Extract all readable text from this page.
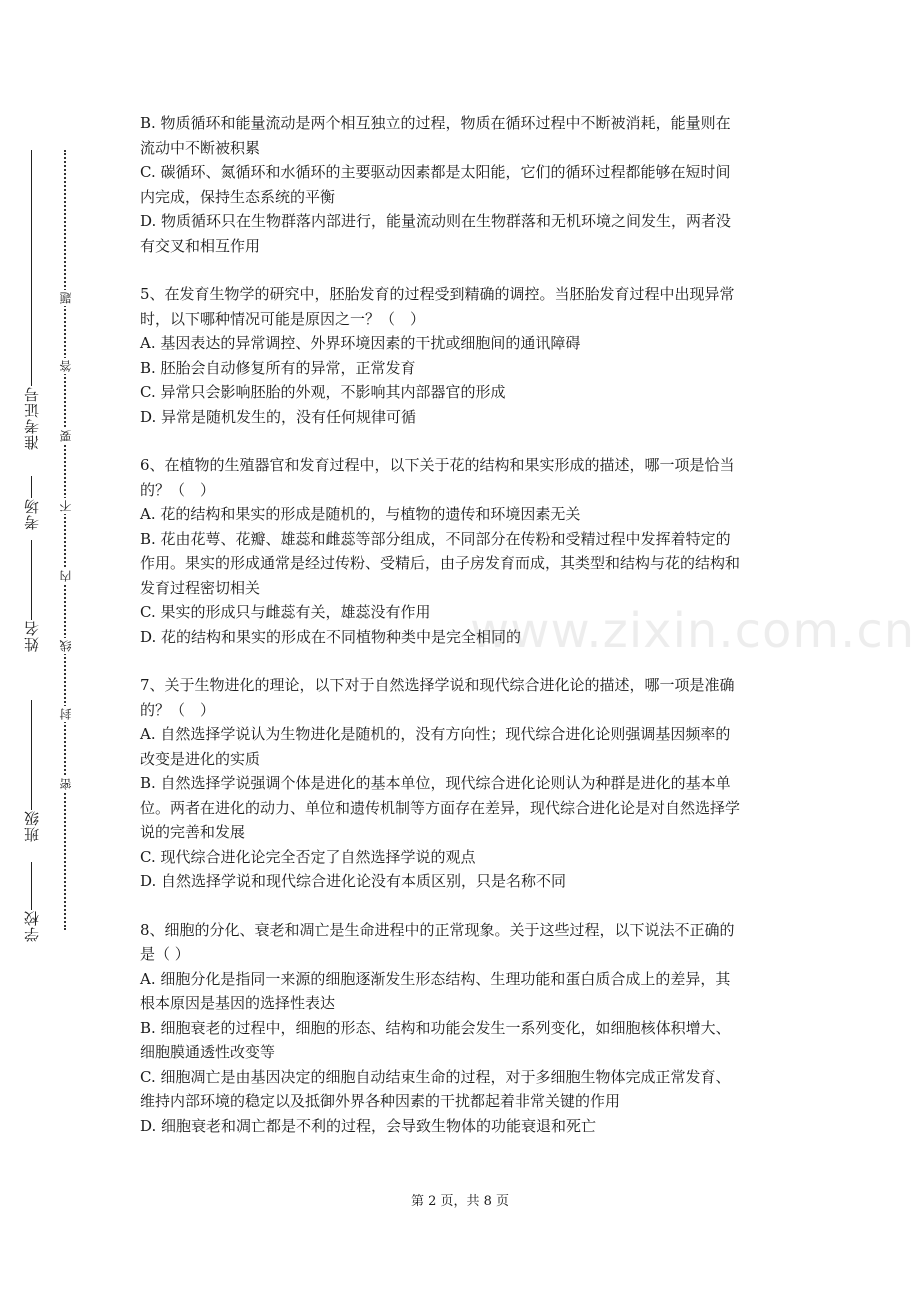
准考证号
考场
姓名
班级
学校
题
答
要
不
内
线
封
密
www.zixin.com.cn
B. 物质循环和能量流动是两个相互独立的过程，物质在循环过程中不断被消耗，能量则在
流动中不断被积累
C. 碳循环、氮循环和水循环的主要驱动因素都是太阳能，它们的循环过程都能够在短时间
内完成，保持生态系统的平衡
D. 物质循环只在生物群落内部进行，能量流动则在生物群落和无机环境之间发生，两者没
有交叉和相互作用
5、在发育生物学的研究中，胚胎发育的过程受到精确的调控。当胚胎发育过程中出现异常
时，以下哪种情况可能是原因之一？（　）
A. 基因表达的异常调控、外界环境因素的干扰或细胞间的通讯障碍
B. 胚胎会自动修复所有的异常，正常发育
C. 异常只会影响胚胎的外观，不影响其内部器官的形成
D. 异常是随机发生的，没有任何规律可循
6、在植物的生殖器官和发育过程中，以下关于花的结构和果实形成的描述，哪一项是恰当
的？（　）
A. 花的结构和果实的形成是随机的，与植物的遗传和环境因素无关
B. 花由花萼、花瓣、雄蕊和雌蕊等部分组成，不同部分在传粉和受精过程中发挥着特定的
作用。果实的形成通常是经过传粉、受精后，由子房发育而成，其类型和结构与花的结构和
发育过程密切相关
C. 果实的形成只与雌蕊有关，雄蕊没有作用
D. 花的结构和果实的形成在不同植物种类中是完全相同的
7、关于生物进化的理论，以下对于自然选择学说和现代综合进化论的描述，哪一项是准确
的？（　）
A. 自然选择学说认为生物进化是随机的，没有方向性；现代综合进化论则强调基因频率的
改变是进化的实质
B. 自然选择学说强调个体是进化的基本单位，现代综合进化论则认为种群是进化的基本单
位。两者在进化的动力、单位和遗传机制等方面存在差异，现代综合进化论是对自然选择学
说的完善和发展
C. 现代综合进化论完全否定了自然选择学说的观点
D. 自然选择学说和现代综合进化论没有本质区别，只是名称不同
8、细胞的分化、衰老和凋亡是生命进程中的正常现象。关于这些过程，以下说法不正确的
是（ ）
A. 细胞分化是指同一来源的细胞逐渐发生形态结构、生理功能和蛋白质合成上的差异，其
根本原因是基因的选择性表达
B. 细胞衰老的过程中，细胞的形态、结构和功能会发生一系列变化，如细胞核体积增大、
细胞膜通透性改变等
C. 细胞凋亡是由基因决定的细胞自动结束生命的过程，对于多细胞生物体完成正常发育、
维持内部环境的稳定以及抵御外界各种因素的干扰都起着非常关键的作用
D. 细胞衰老和凋亡都是不利的过程，会导致生物体的功能衰退和死亡
第 2 页，共 8 页
